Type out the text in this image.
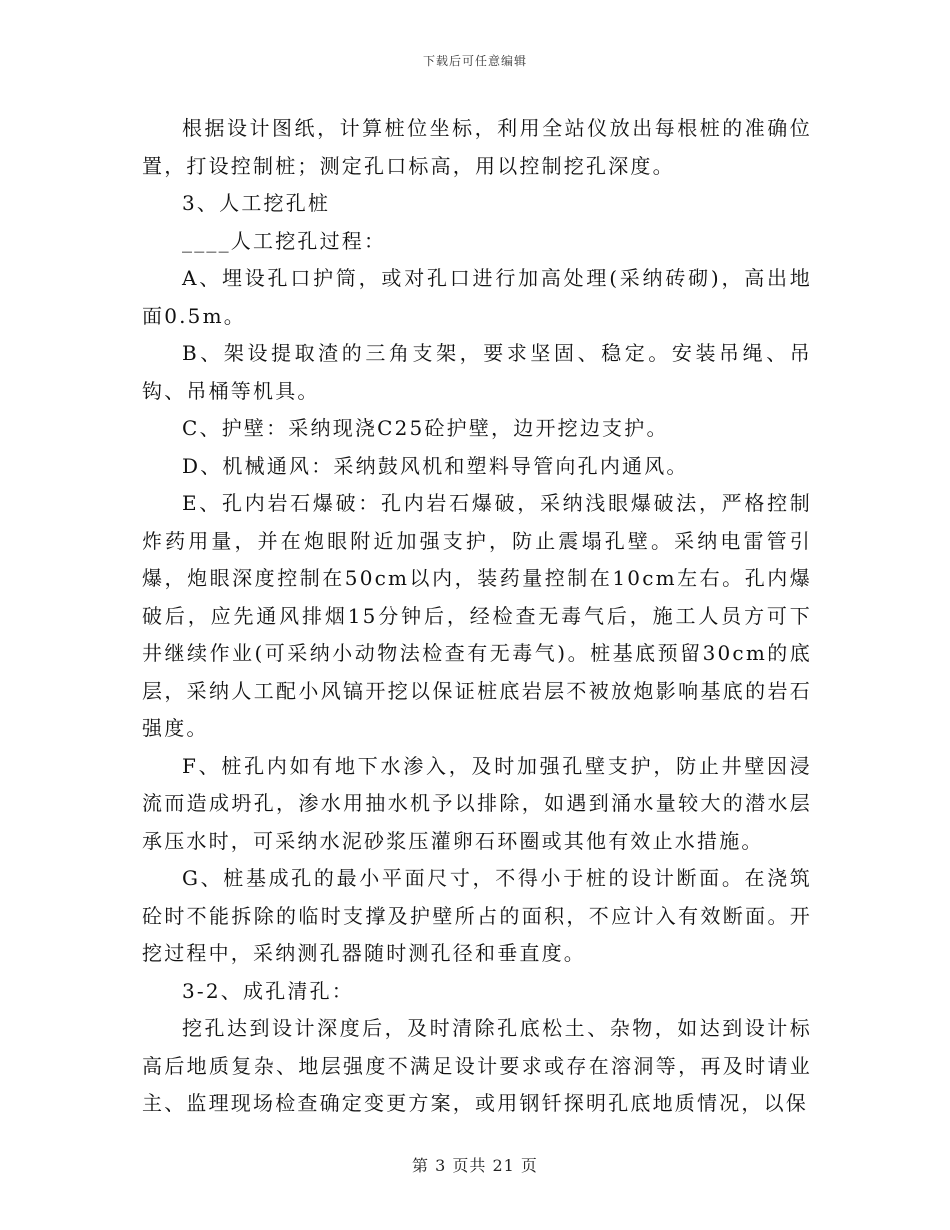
下载后可任意编辑

根据设计图纸，计算桩位坐标，利用全站仪放出每根桩的准确位置，打设控制桩；测定孔口标高，用以控制挖孔深度。

3、人工挖孔桩

____人工挖孔过程：

A、埋设孔口护筒，或对孔口进行加高处理(采纳砖砌)，高出地面0.5m。

B、架设提取渣的三角支架，要求坚固、稳定。安装吊绳、吊钩、吊桶等机具。

C、护壁：采纳现浇C25砼护壁，边开挖边支护。

D、机械通风：采纳鼓风机和塑料导管向孔内通风。

E、孔内岩石爆破：孔内岩石爆破，采纳浅眼爆破法，严格控制炸药用量，并在炮眼附近加强支护，防止震塌孔壁。采纳电雷管引爆，炮眼深度控制在50cm以内，装药量控制在10cm左右。孔内爆破后，应先通风排烟15分钟后，经检查无毒气后，施工人员方可下井继续作业(可采纳小动物法检查有无毒气)。桩基底预留30cm的底层，采纳人工配小风镐开挖以保证桩底岩层不被放炮影响基底的岩石强度。

F、桩孔内如有地下水渗入，及时加强孔壁支护，防止井壁因浸流而造成坍孔，渗水用抽水机予以排除，如遇到涌水量较大的潜水层承压水时，可采纳水泥砂浆压灌卵石环圈或其他有效止水措施。

G、桩基成孔的最小平面尺寸，不得小于桩的设计断面。在浇筑砼时不能拆除的临时支撑及护壁所占的面积，不应计入有效断面。开挖过程中，采纳测孔器随时测孔径和垂直度。

3-2、成孔清孔：

挖孔达到设计深度后，及时清除孔底松土、杂物，如达到设计标高后地质复杂、地层强度不满足设计要求或存在溶洞等，再及时请业主、监理现场检查确定变更方案，或用钢钎探明孔底地质情况，以保

第 3 页共 21 页
